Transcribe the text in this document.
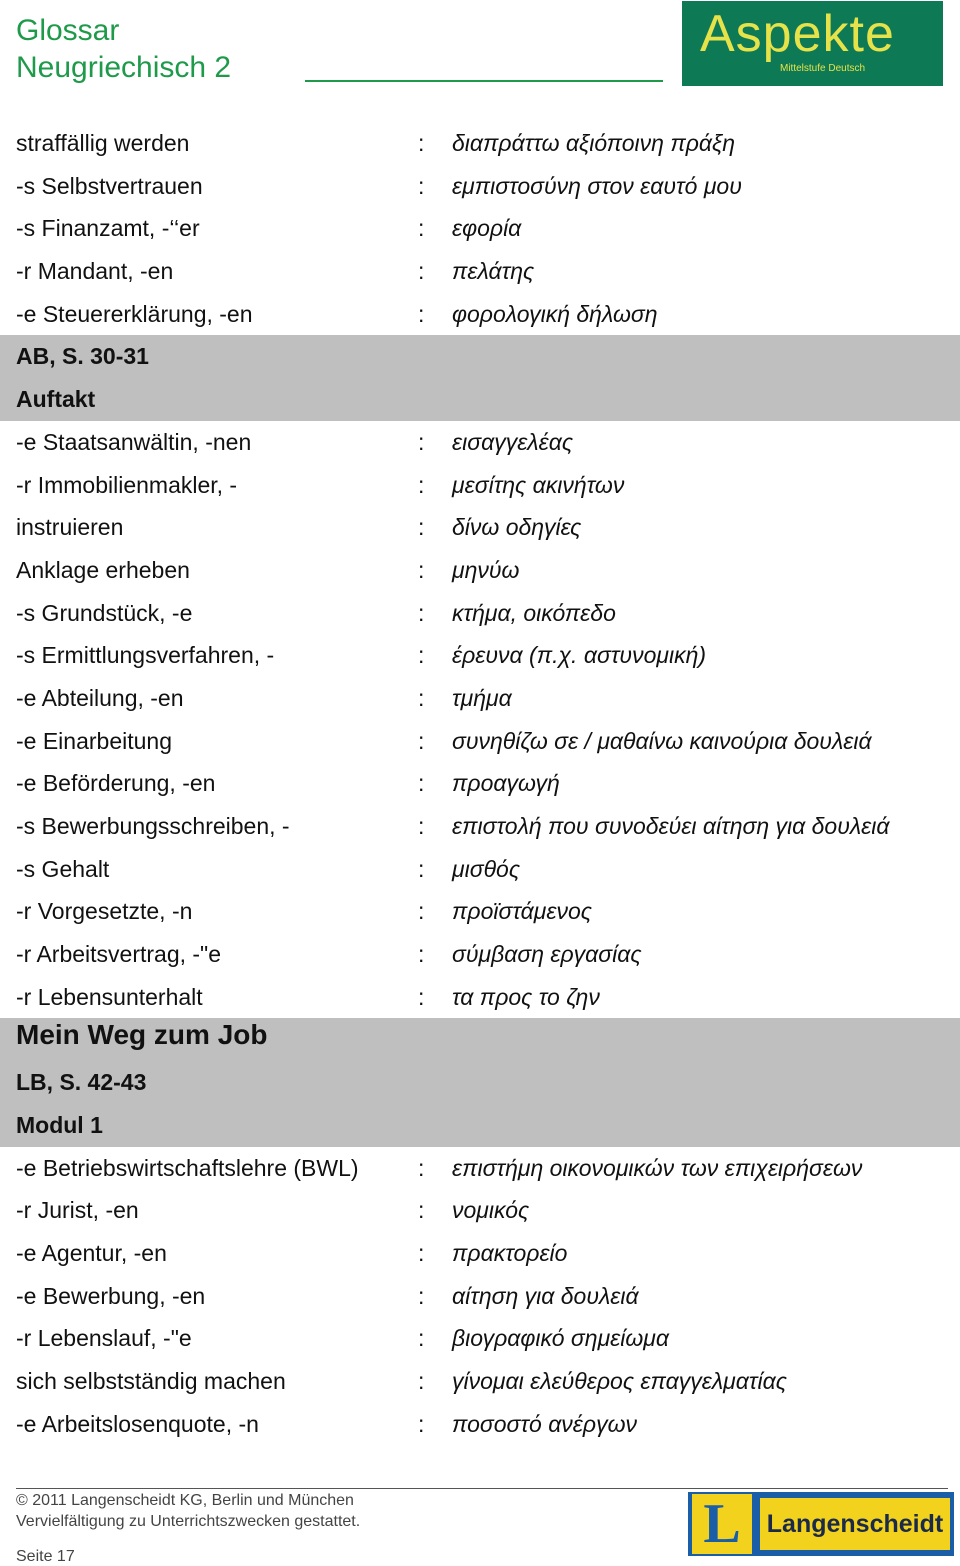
Glossar
Neugriechisch 2
Aspekte
Mittelstufe Deutsch
straffällig werden	: διαπράττω αξιόποινη πράξη
-s Selbstvertrauen	: εμπιστοσύνη στον εαυτό μου
-s Finanzamt, -‘‘er	: εφορία
-r Mandant, -en	: πελάτης
-e Steuererklärung, -en	: φορολογική δήλωση
AB, S. 30-31
Auftakt
-e Staatsanwältin, -nen	: εισαγγελέας
-r Immobilienmakler, -	: μεσίτης ακινήτων
instruieren	: δίνω οδηγίες
Anklage erheben	: μηνύω
-s Grundstück, -e	: κτήμα, οικόπεδο
-s Ermittlungsverfahren, -	: έρευνα (π.χ. αστυνομική)
-e Abteilung, -en	: τμήμα
-e Einarbeitung	: συνηθίζω σε / μαθαίνω καινούρια δουλειά
-e Beförderung, -en	: προαγωγή
-s Bewerbungsschreiben, -	: επιστολή που συνοδεύει αίτηση για δουλειά
-s Gehalt	: μισθός
-r Vorgesetzte, -n	: προϊστάμενος
-r Arbeitsvertrag, -"e	: σύμβαση εργασίας
-r Lebensunterhalt	: τα προς το ζην
Mein Weg zum Job
LB, S. 42-43
Modul 1
-e Betriebswirtschaftslehre (BWL)	: επιστήμη οικονομικών των επιχειρήσεων
-r Jurist, -en	: νομικός
-e Agentur, -en	: πρακτορείο
-e Bewerbung, -en	: αίτηση για δουλειά
-r Lebenslauf, -"e	: βιογραφικό σημείωμα
sich selbstständig machen	: γίνομαι ελεύθερος επαγγελματίας
-e Arbeitslosenquote, -n	: ποσοστό ανέργων
© 2011 Langenscheidt KG, Berlin und München
Vervielfältigung zu Unterrichtszwecken gestattet.
Seite 17
L	Langenscheidt
